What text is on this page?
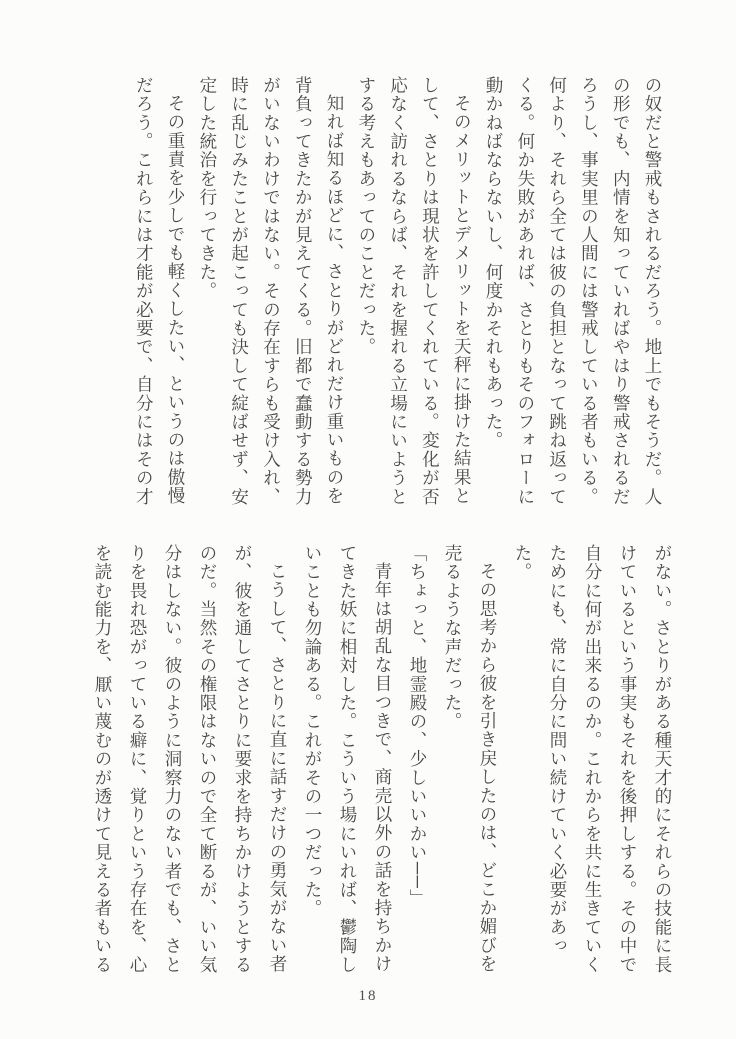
の奴だと警戒もされるだろう。地上でもそうだ。人の形でも、内情を知っていればやはり警戒されるだろうし、事実里の人間には警戒している者もいる。何より、それら全ては彼の負担となって跳ね返ってくる。何か失敗があれば、さとりもそのフォローに動かねばならないし、何度かそれもあった。

そのメリットとデメリットを天秤に掛けた結果として、さとりは現状を許してくれている。変化が否応なく訪れるならば、それを握れる立場にいようとする考えもあってのことだった。

知れば知るほどに、さとりがどれだけ重いものを背負ってきたかが見えてくる。旧都で蠢動する勢力がいないわけではない。その存在すらも受け入れ、時に乱じみたことが起こっても決して綻ばせず、安定した統治を行ってきた。

その重責を少しでも軽くしたい、というのは傲慢だろう。これらには才能が必要で、自分にはその才

がない。さとりがある種天才的にそれらの技能に長けているという事実もそれを後押しする。その中で自分に何が出来るのか。これからを共に生きていくためにも、常に自分に問い続けていく必要があった。

その思考から彼を引き戻したのは、どこか媚びを売るような声だった。

「ちょっと、地霊殿の、少しいいかい──」

青年は胡乱な目つきで、商売以外の話を持ちかけてきた妖に相対した。こういう場にいれば、鬱陶しいことも勿論ある。これがその一つだった。

こうして、さとりに直に話すだけの勇気がない者が、彼を通してさとりに要求を持ちかけようとするのだ。当然その権限はないので全て断るが、いい気分はしない。彼のように洞察力のない者でも、さとりを畏れ恐がっている癖に、覚りという存在を、心を読む能力を、厭い蔑むのが透けて見える者もいる

18
